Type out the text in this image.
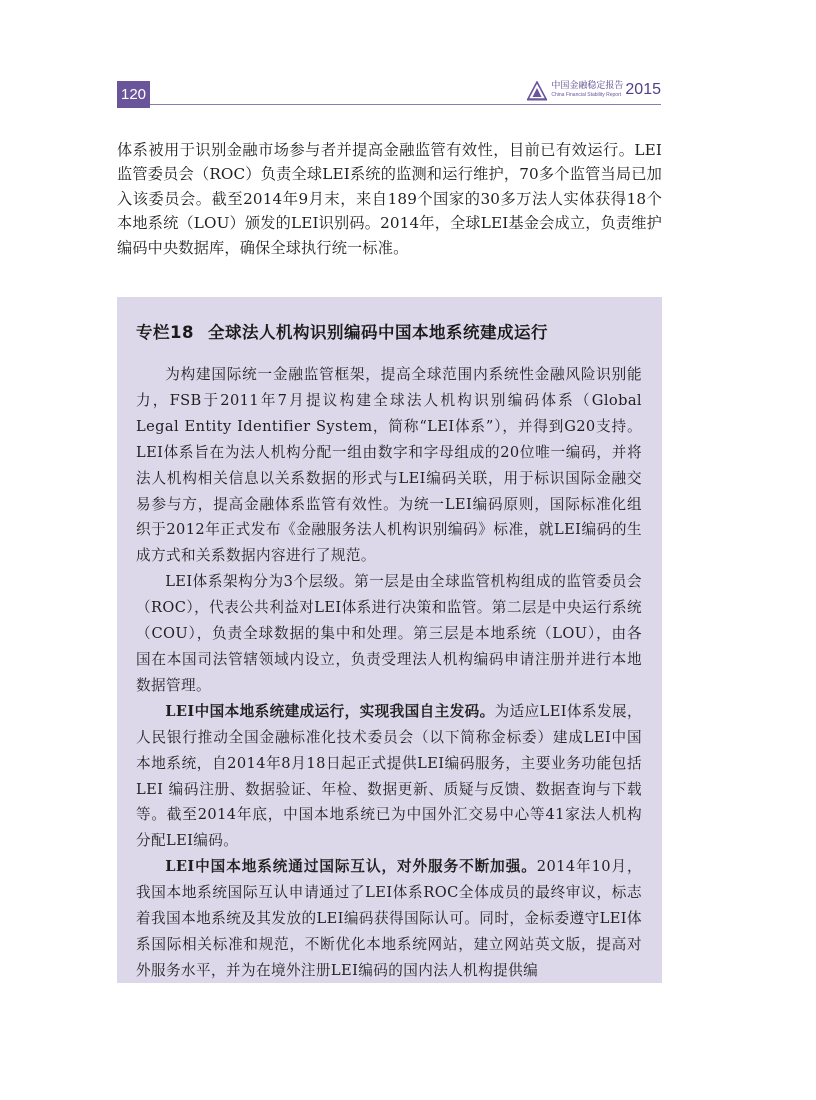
120	中国金融稳定报告
China Financial Stability Report 2015

体系被用于识别金融市场参与者并提高金融监管有效性，目前已有效运行。LEI监管委员会（ROC）负责全球LEI系统的监测和运行维护，70多个监管当局已加入该委员会。截至2014年9月末，来自189个国家的30多万法人实体获得18个本地系统（LOU）颁发的LEI识别码。2014年，全球LEI基金会成立，负责维护编码中央数据库，确保全球执行统一标准。

专栏18 全球法人机构识别编码中国本地系统建成运行

为构建国际统一金融监管框架，提高全球范围内系统性金融风险识别能力，FSB于2011年7月提议构建全球法人机构识别编码体系（Global Legal Entity Identifier System，简称“LEI体系”），并得到G20支持。LEI体系旨在为法人机构分配一组由数字和字母组成的20位唯一编码，并将法人机构相关信息以关系数据的形式与LEI编码关联，用于标识国际金融交易参与方，提高金融体系监管有效性。为统一LEI编码原则，国际标准化组织于2012年正式发布《金融服务法人机构识别编码》标准，就LEI编码的生成方式和关系数据内容进行了规范。

LEI体系架构分为3个层级。第一层是由全球监管机构组成的监管委员会（ROC），代表公共利益对LEI体系进行决策和监管。第二层是中央运行系统（COU），负责全球数据的集中和处理。第三层是本地系统（LOU），由各国在本国司法管辖领域内设立，负责受理法人机构编码申请注册并进行本地数据管理。

LEI中国本地系统建成运行，实现我国自主发码。为适应LEI体系发展，人民银行推动全国金融标准化技术委员会（以下简称金标委）建成LEI中国本地系统，自2014年8月18日起正式提供LEI编码服务，主要业务功能包括LEI 编码注册、数据验证、年检、数据更新、质疑与反馈、数据查询与下载等。截至2014年底，中国本地系统已为中国外汇交易中心等41家法人机构分配LEI编码。

LEI中国本地系统通过国际互认，对外服务不断加强。2014年10月，我国本地系统国际互认申请通过了LEI体系ROC全体成员的最终审议，标志着我国本地系统及其发放的LEI编码获得国际认可。同时，金标委遵守LEI体系国际相关标准和规范，不断优化本地系统网站，建立网站英文版，提高对外服务水平，并为在境外注册LEI编码的国内法人机构提供编
